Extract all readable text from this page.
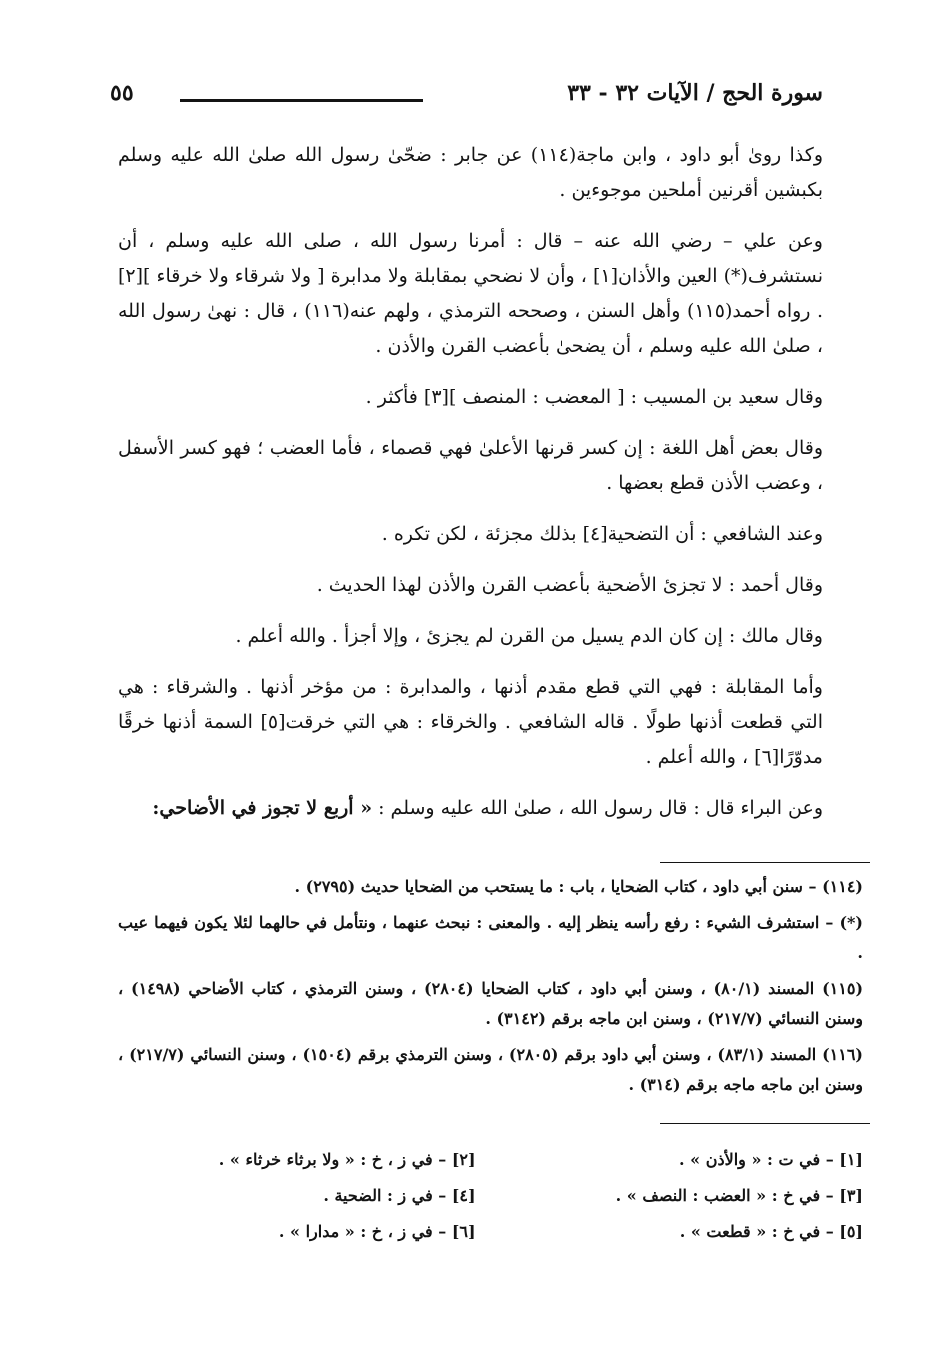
سورة الحج / الآيات ٣٢ - ٣٣
٥٥

وكذا روىٰ أبو داود ، وابن ماجة(١١٤) عن جابر : ضحّىٰ رسول الله صلىٰ الله عليه وسلم بكبشين أقرنين أملحين موجوءين .

وعن علي – رضي الله عنه – قال : أمرنا رسول الله ، صلى الله عليه وسلم ، أن نستشرف(*) العين والأذان[١] ، وأن لا نضحي بمقابلة ولا مدابرة [ ولا شرقاء ولا خرقاء ][٢] . رواه أحمد(١١٥) وأهل السنن ، وصححه الترمذي ، ولهم عنه(١١٦) ، قال : نهىٰ رسول الله ، صلىٰ الله عليه وسلم ، أن يضحىٰ بأعضب القرن والأذن .

وقال سعيد بن المسيب : [ المعضب : المنصف ][٣] فأكثر .

وقال بعض أهل اللغة : إن كسر قرنها الأعلىٰ فهي قصماء ، فأما العضب ؛ فهو كسر الأسفل ، وعضب الأذن قطع بعضها .

وعند الشافعي : أن التضحية[٤] بذلك مجزئة ، لكن تكره .

وقال أحمد : لا تجزئ الأضحية بأعضب القرن والأذن لهذا الحديث .

وقال مالك : إن كان الدم يسيل من القرن لم يجزئ ، وإلا أجزأ . والله أعلم .

وأما المقابلة : فهي التي قطع مقدم أذنها ، والمدابرة : من مؤخر أذنها . والشرقاء : هي التي قطعت أذنها طولًا . قاله الشافعي . والخرقاء : هي التي خرقت[٥] السمة أذنها خرقًا مدوّرًا[٦] ، والله أعلم .

وعن البراء قال : قال رسول الله ، صلىٰ الله عليه وسلم : « أربع لا تجوز في الأضاحي:

(١١٤) – سنن أبي داود ، كتاب الضحايا ، باب : ما يستحب من الضحايا حديث (٢٧٩٥) .

(*) – استشرف الشيء : رفع رأسه ينظر إليه . والمعنى : نبحث عنهما ، ونتأمل في حالهما لئلا يكون فيهما عيب .

(١١٥) المسند (٨٠/١) ، وسنن أبي داود ، كتاب الضحايا (٢٨٠٤) ، وسنن الترمذي ، كتاب الأضاحي (١٤٩٨) ، وسنن النسائي (٢١٧/٧) ، وسنن ابن ماجه برقم (٣١٤٢) .

(١١٦) المسند (٨٣/١) ، وسنن أبي داود برقم (٢٨٠٥) ، وسنن الترمذي برقم (١٥٠٤) ، وسنن النسائي (٢١٧/٧) ، وسنن ابن ماجه ماجه برقم (٣١٤) .

[١] – في ت : « والأذن » .
[٢] – في ز ، خ : « ولا برثاء خرثاء » .
[٣] – في خ : « العضب : النصف » .
[٤] – في ز : الضحية .
[٥] – في خ : « قطعت » .
[٦] – في ز ، خ : « مدارا » .
